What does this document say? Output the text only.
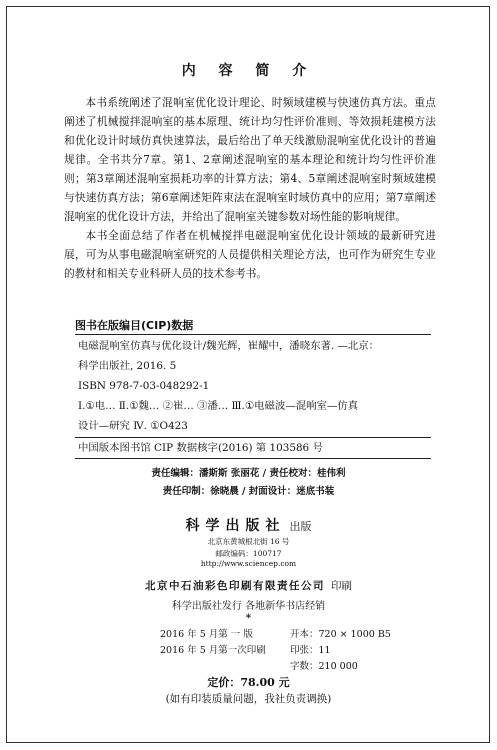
内 容 简 介

本书系统阐述了混响室优化设计理论、时频域建模与快速仿真方法。重点阐述了机械搅拌混响室的基本原理、统计均匀性评价准则、等效损耗建模方法和优化设计时域仿真快速算法，最后给出了单天线激励混响室优化设计的普遍规律。全书共分7章。第1、2章阐述混响室的基本理论和统计均匀性评价准则；第3章阐述混响室损耗功率的计算方法；第4、5章阐述混响室时频域建模与快速仿真方法；第6章阐述矩阵束法在混响室时域仿真中的应用；第7章阐述混响室的优化设计方法，并给出了混响室关键参数对场性能的影响规律。

本书全面总结了作者在机械搅拌电磁混响室优化设计领域的最新研究进展，可为从事电磁混响室研究的人员提供相关理论方法，也可作为研究生专业的教材和相关专业科研人员的技术参考书。

图书在版编目(CIP)数据
电磁混响室仿真与优化设计/魏光辉，崔耀中，潘晓东著. —北京：
科学出版社, 2016. 5
ISBN 978-7-03-048292-1
Ⅰ.①电… Ⅱ.①魏… ②崔… ③潘… Ⅲ.①电磁波—混响室—仿真
设计—研究 Ⅳ. ①O423
中国版本图书馆 CIP 数据核字(2016) 第 103586 号
责任编辑：潘斯斯 张丽花 / 责任校对：桂伟利
责任印制：徐晓晨 / 封面设计：迷底书装
科学出版社 出版
北京东黄城根北街 16 号
邮政编码：100717
http://www.sciencep.com
北京中石油彩色印刷有限责任公司 印刷
科学出版社发行 各地新华书店经销
*
2016 年 5 月第 一 版	开本：720 × 1000 B5
2016 年 5 月第一次印刷	印张：11
字数：210 000
定价：78.00 元
(如有印装质量问题，我社负责调换)
